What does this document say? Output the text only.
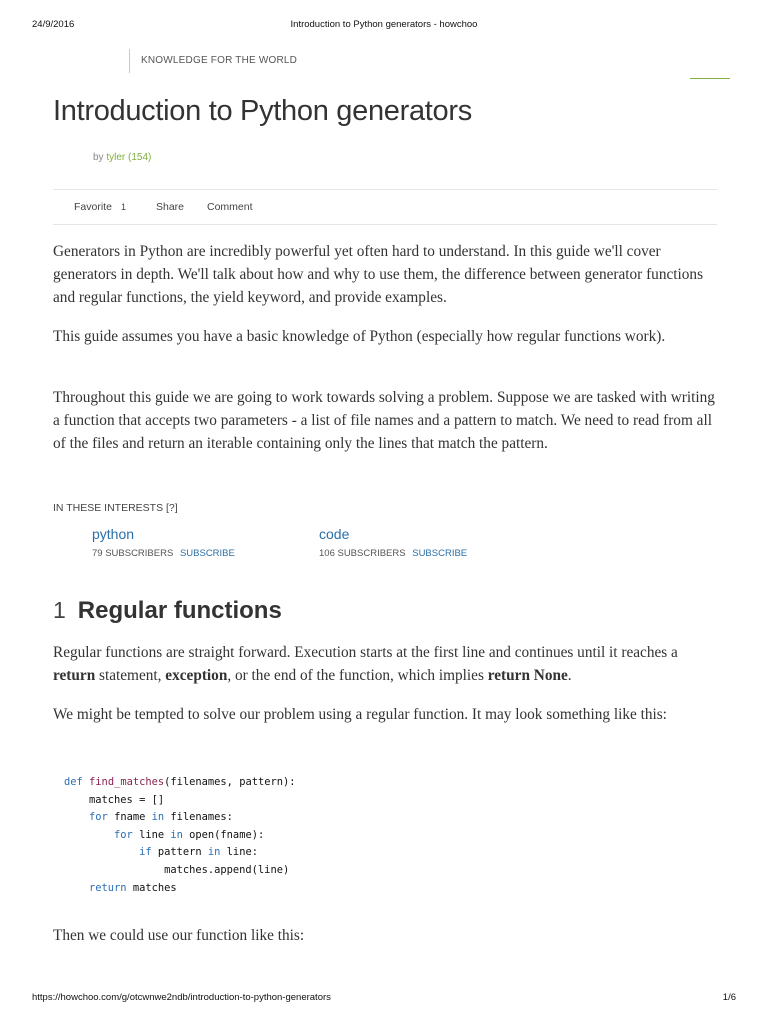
24/9/2016	Introduction to Python generators - howchoo
KNOWLEDGE FOR THE WORLD
Introduction to Python generators
by tyler (154)
Favorite 1	Share Comment

Generators in Python are incredibly powerful yet often hard to understand. In this guide we'll cover generators in depth. We'll talk about how and why to use them, the difference between generator functions and regular functions, the yield keyword, and provide examples.

This guide assumes you have a basic knowledge of Python (especially how regular functions work).

Throughout this guide we are going to work towards solving a problem. Suppose we are tasked with writing a function that accepts two parameters - a list of file names and a pattern to match. We need to read from all of the files and return an iterable containing only the lines that match the pattern.

IN THESE INTERESTS [?]
python
79 SUBSCRIBERS SUBSCRIBE
code
106 SUBSCRIBERS SUBSCRIBE
1 Regular functions

Regular functions are straight forward. Execution starts at the first line and continues until it reaches a return statement, exception, or the end of the function, which implies return None.

We might be tempted to solve our problem using a regular function. It may look something like this:

def find_matches(filenames, pattern):
matches = []
for fname in filenames:
for line in open(fname):
if pattern in line:
matches.append(line)
return matches

Then we could use our function like this:

https://howchoo.com/g/otcwnwe2ndb/introduction-to-python-generators	1/6
